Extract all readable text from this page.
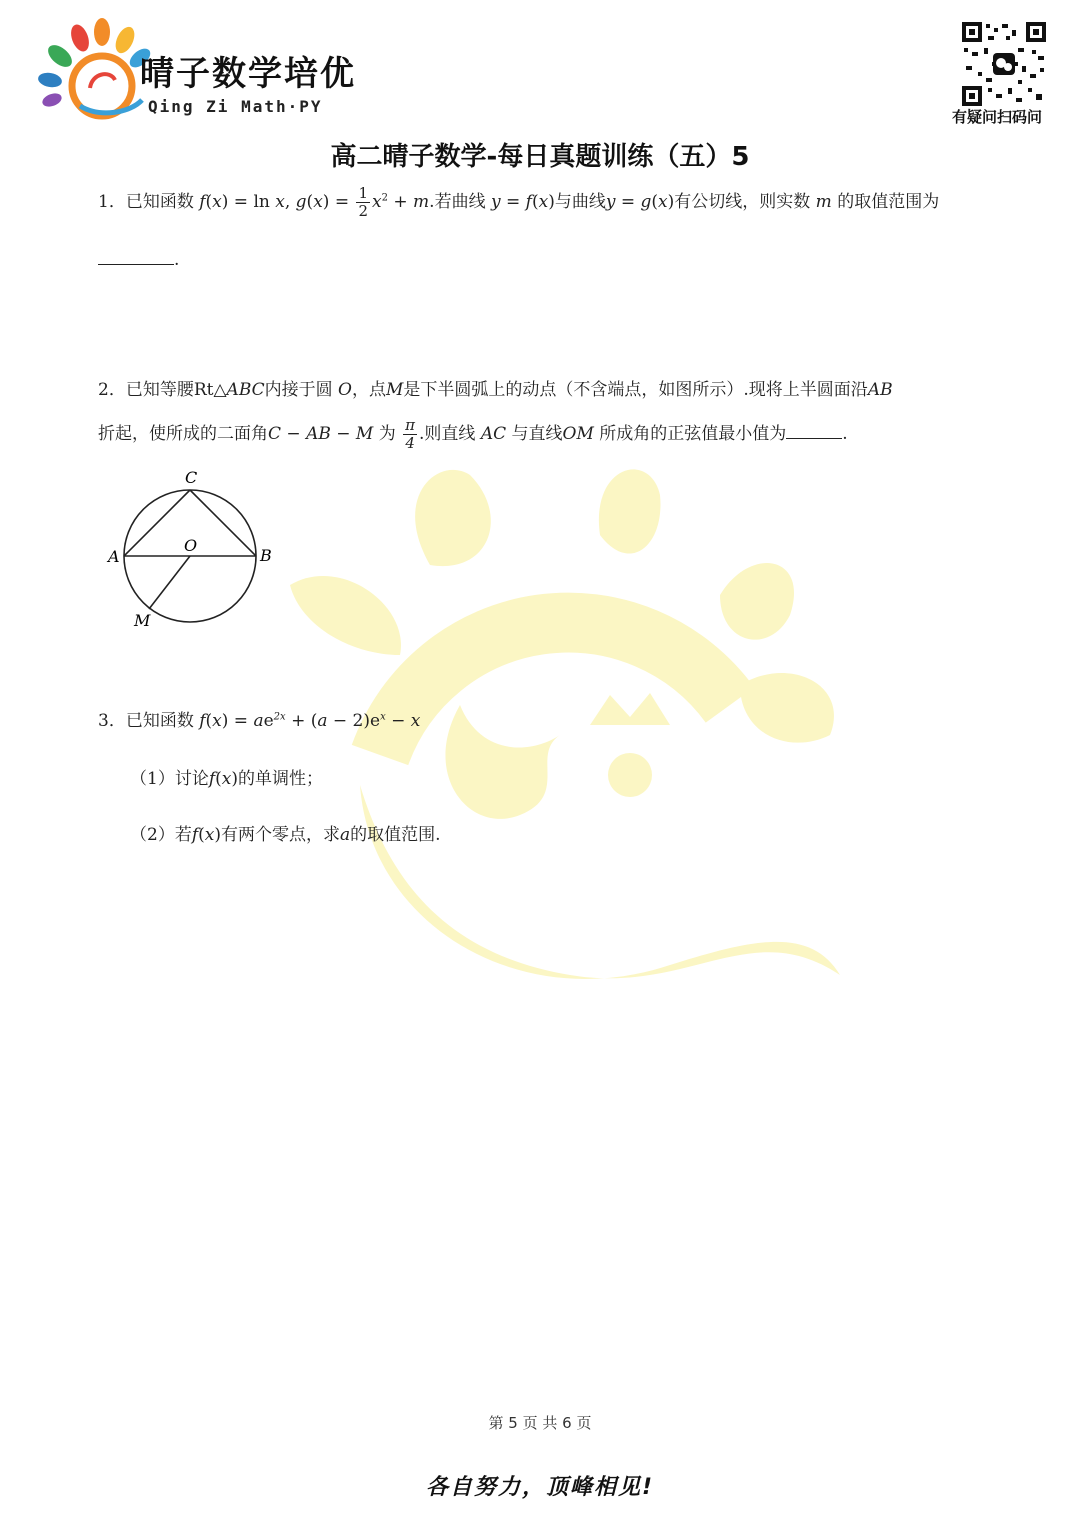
晴子数学培优
Qing Zi Math·PY
有疑问扫码问
高二晴子数学-每日真题训练（五）5
1．已知函数 f(x) = ln x, $g(x) = \frac{1}{2} x^2 + m$.若曲线 y = f(x)与曲线y = g(x)有公切线，则实数 m 的取值范围为
.
2．已知等腰Rt△ABC内接于圆 O，点M是下半圆弧上的动点（不含端点，如图所示）.现将上半圆面沿AB
折起，使所成的二面角C − AB − M 为 $\frac{\pi}{4}$ .则直线 AC 与直线OM 所成角的正弦值最小值为	.
C
A	B
O
M
3．已知函数 $f(x) = ae^{2x} + (a - 2)e^x - x$
（1）讨论f(x)的单调性；
（2）若f(x)有两个零点，求a的取值范围.
第 5 页 共 6 页
各自努力，顶峰相见!
